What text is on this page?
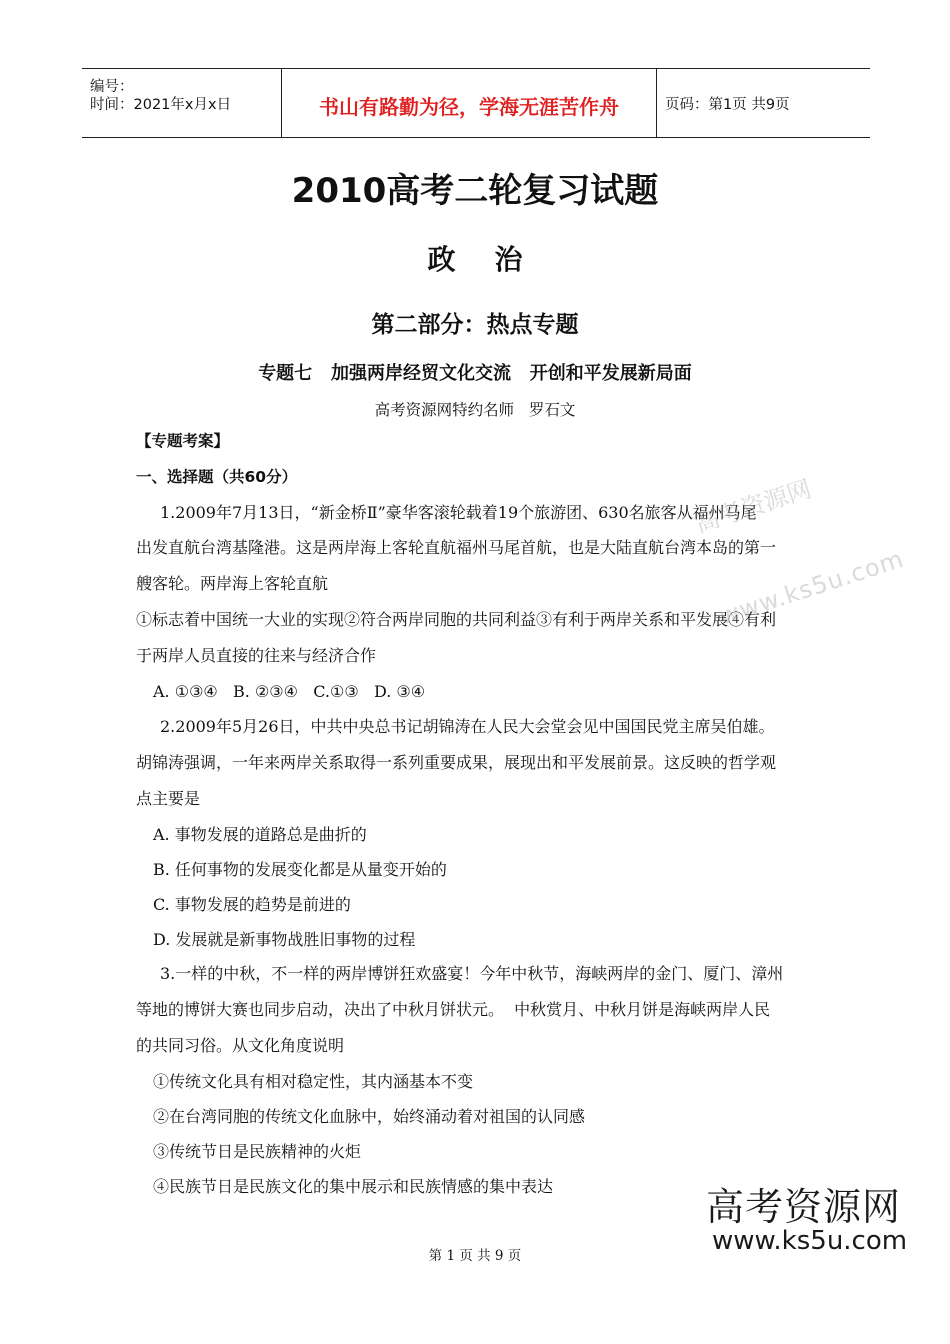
编号：
时间：2021年x月x日	书山有路勤为径，学海无涯苦作舟	页码：第1页 共9页
2010高考二轮复习试题
政    治
第二部分：热点专题
专题七   加强两岸经贸文化交流   开创和平发展新局面
高考资源网特约名师   罗石文
【专题考案】
一、选择题（共60分）
1.2009年7月13日，“新金桥Ⅱ”豪华客滚轮载着19个旅游团、630名旅客从福州马尾
出发直航台湾基隆港。这是两岸海上客轮直航福州马尾首航，也是大陆直航台湾本岛的第一
艘客轮。两岸海上客轮直航
①标志着中国统一大业的实现②符合两岸同胞的共同利益③有利于两岸关系和平发展④有利
于两岸人员直接的往来与经济合作
A. ①③④   B. ②③④   C.①③   D. ③④
2.2009年5月26日，中共中央总书记胡锦涛在人民大会堂会见中国国民党主席吴伯雄。
胡锦涛强调，一年来两岸关系取得一系列重要成果，展现出和平发展前景。这反映的哲学观
点主要是
A. 事物发展的道路总是曲折的
B. 任何事物的发展变化都是从量变开始的
C. 事物发展的趋势是前进的
D. 发展就是新事物战胜旧事物的过程
3.一样的中秋，不一样的两岸博饼狂欢盛宴！今年中秋节，海峡两岸的金门、厦门、漳州
等地的博饼大赛也同步启动，决出了中秋月饼状元。  中秋赏月、中秋月饼是海峡两岸人民
的共同习俗。从文化角度说明
①传统文化具有相对稳定性，其内涵基本不变
②在台湾同胞的传统文化血脉中，始终涌动着对祖国的认同感
③传统节日是民族精神的火炬
④民族节日是民族文化的集中展示和民族情感的集中表达
高考资源网
www.ks5u.com
高考资源网
www.ks5u.com
第 1 页 共 9 页
